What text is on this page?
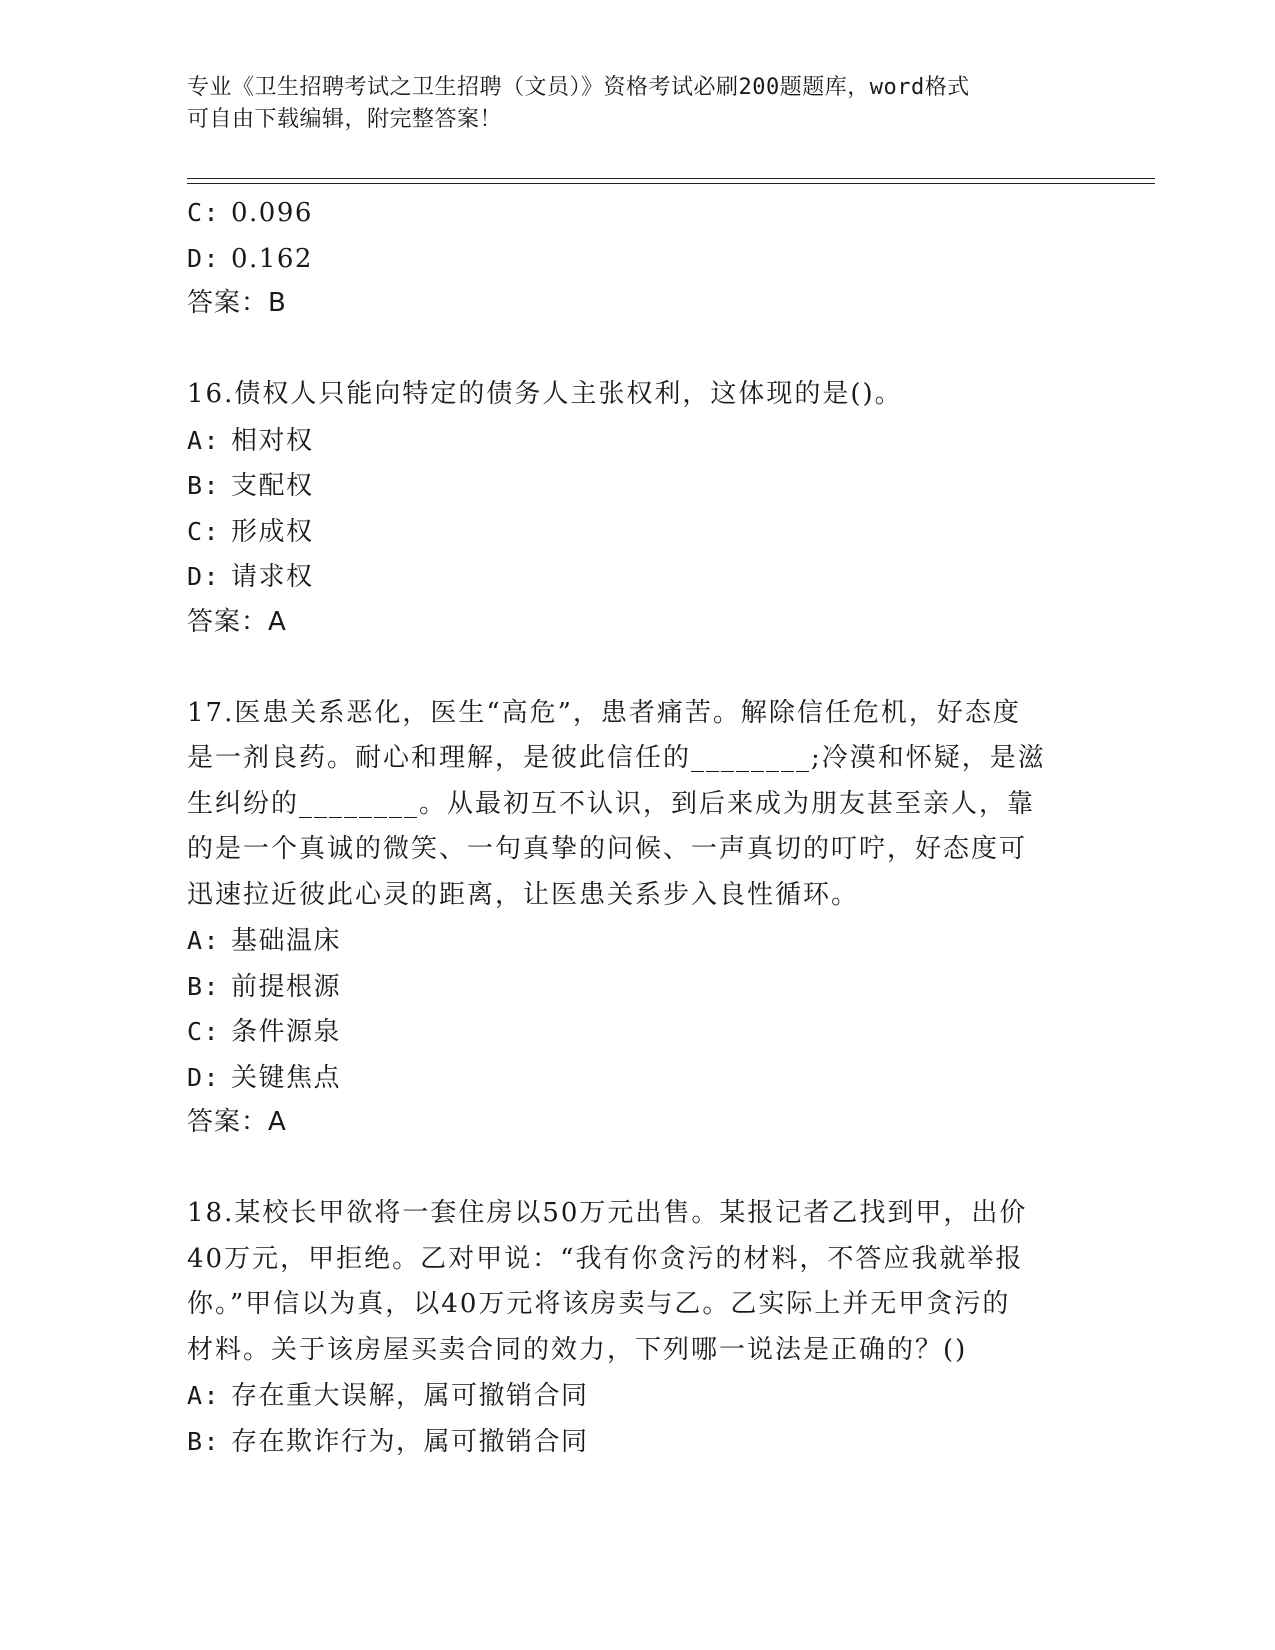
专业《卫生招聘考试之卫生招聘（文员）》资格考试必刷200题题库，word格式
可自由下载编辑，附完整答案！
C: 0.096
D: 0.162
答案：B
16.债权人只能向特定的债务人主张权利，这体现的是()。
A: 相对权
B: 支配权
C: 形成权
D: 请求权
答案：A
17.医患关系恶化，医生“高危”，患者痛苦。解除信任危机，好态度
是一剂良药。耐心和理解，是彼此信任的________;冷漠和怀疑，是滋
生纠纷的________。从最初互不认识，到后来成为朋友甚至亲人，靠
的是一个真诚的微笑、一句真挚的问候、一声真切的叮咛，好态度可
迅速拉近彼此心灵的距离，让医患关系步入良性循环。
A: 基础温床
B: 前提根源
C: 条件源泉
D: 关键焦点
答案：A
18.某校长甲欲将一套住房以50万元出售。某报记者乙找到甲，出价
40万元，甲拒绝。乙对甲说：“我有你贪污的材料，不答应我就举报
你。”甲信以为真，以40万元将该房卖与乙。乙实际上并无甲贪污的
材料。关于该房屋买卖合同的效力，下列哪一说法是正确的？()
A: 存在重大误解，属可撤销合同
B: 存在欺诈行为，属可撤销合同
